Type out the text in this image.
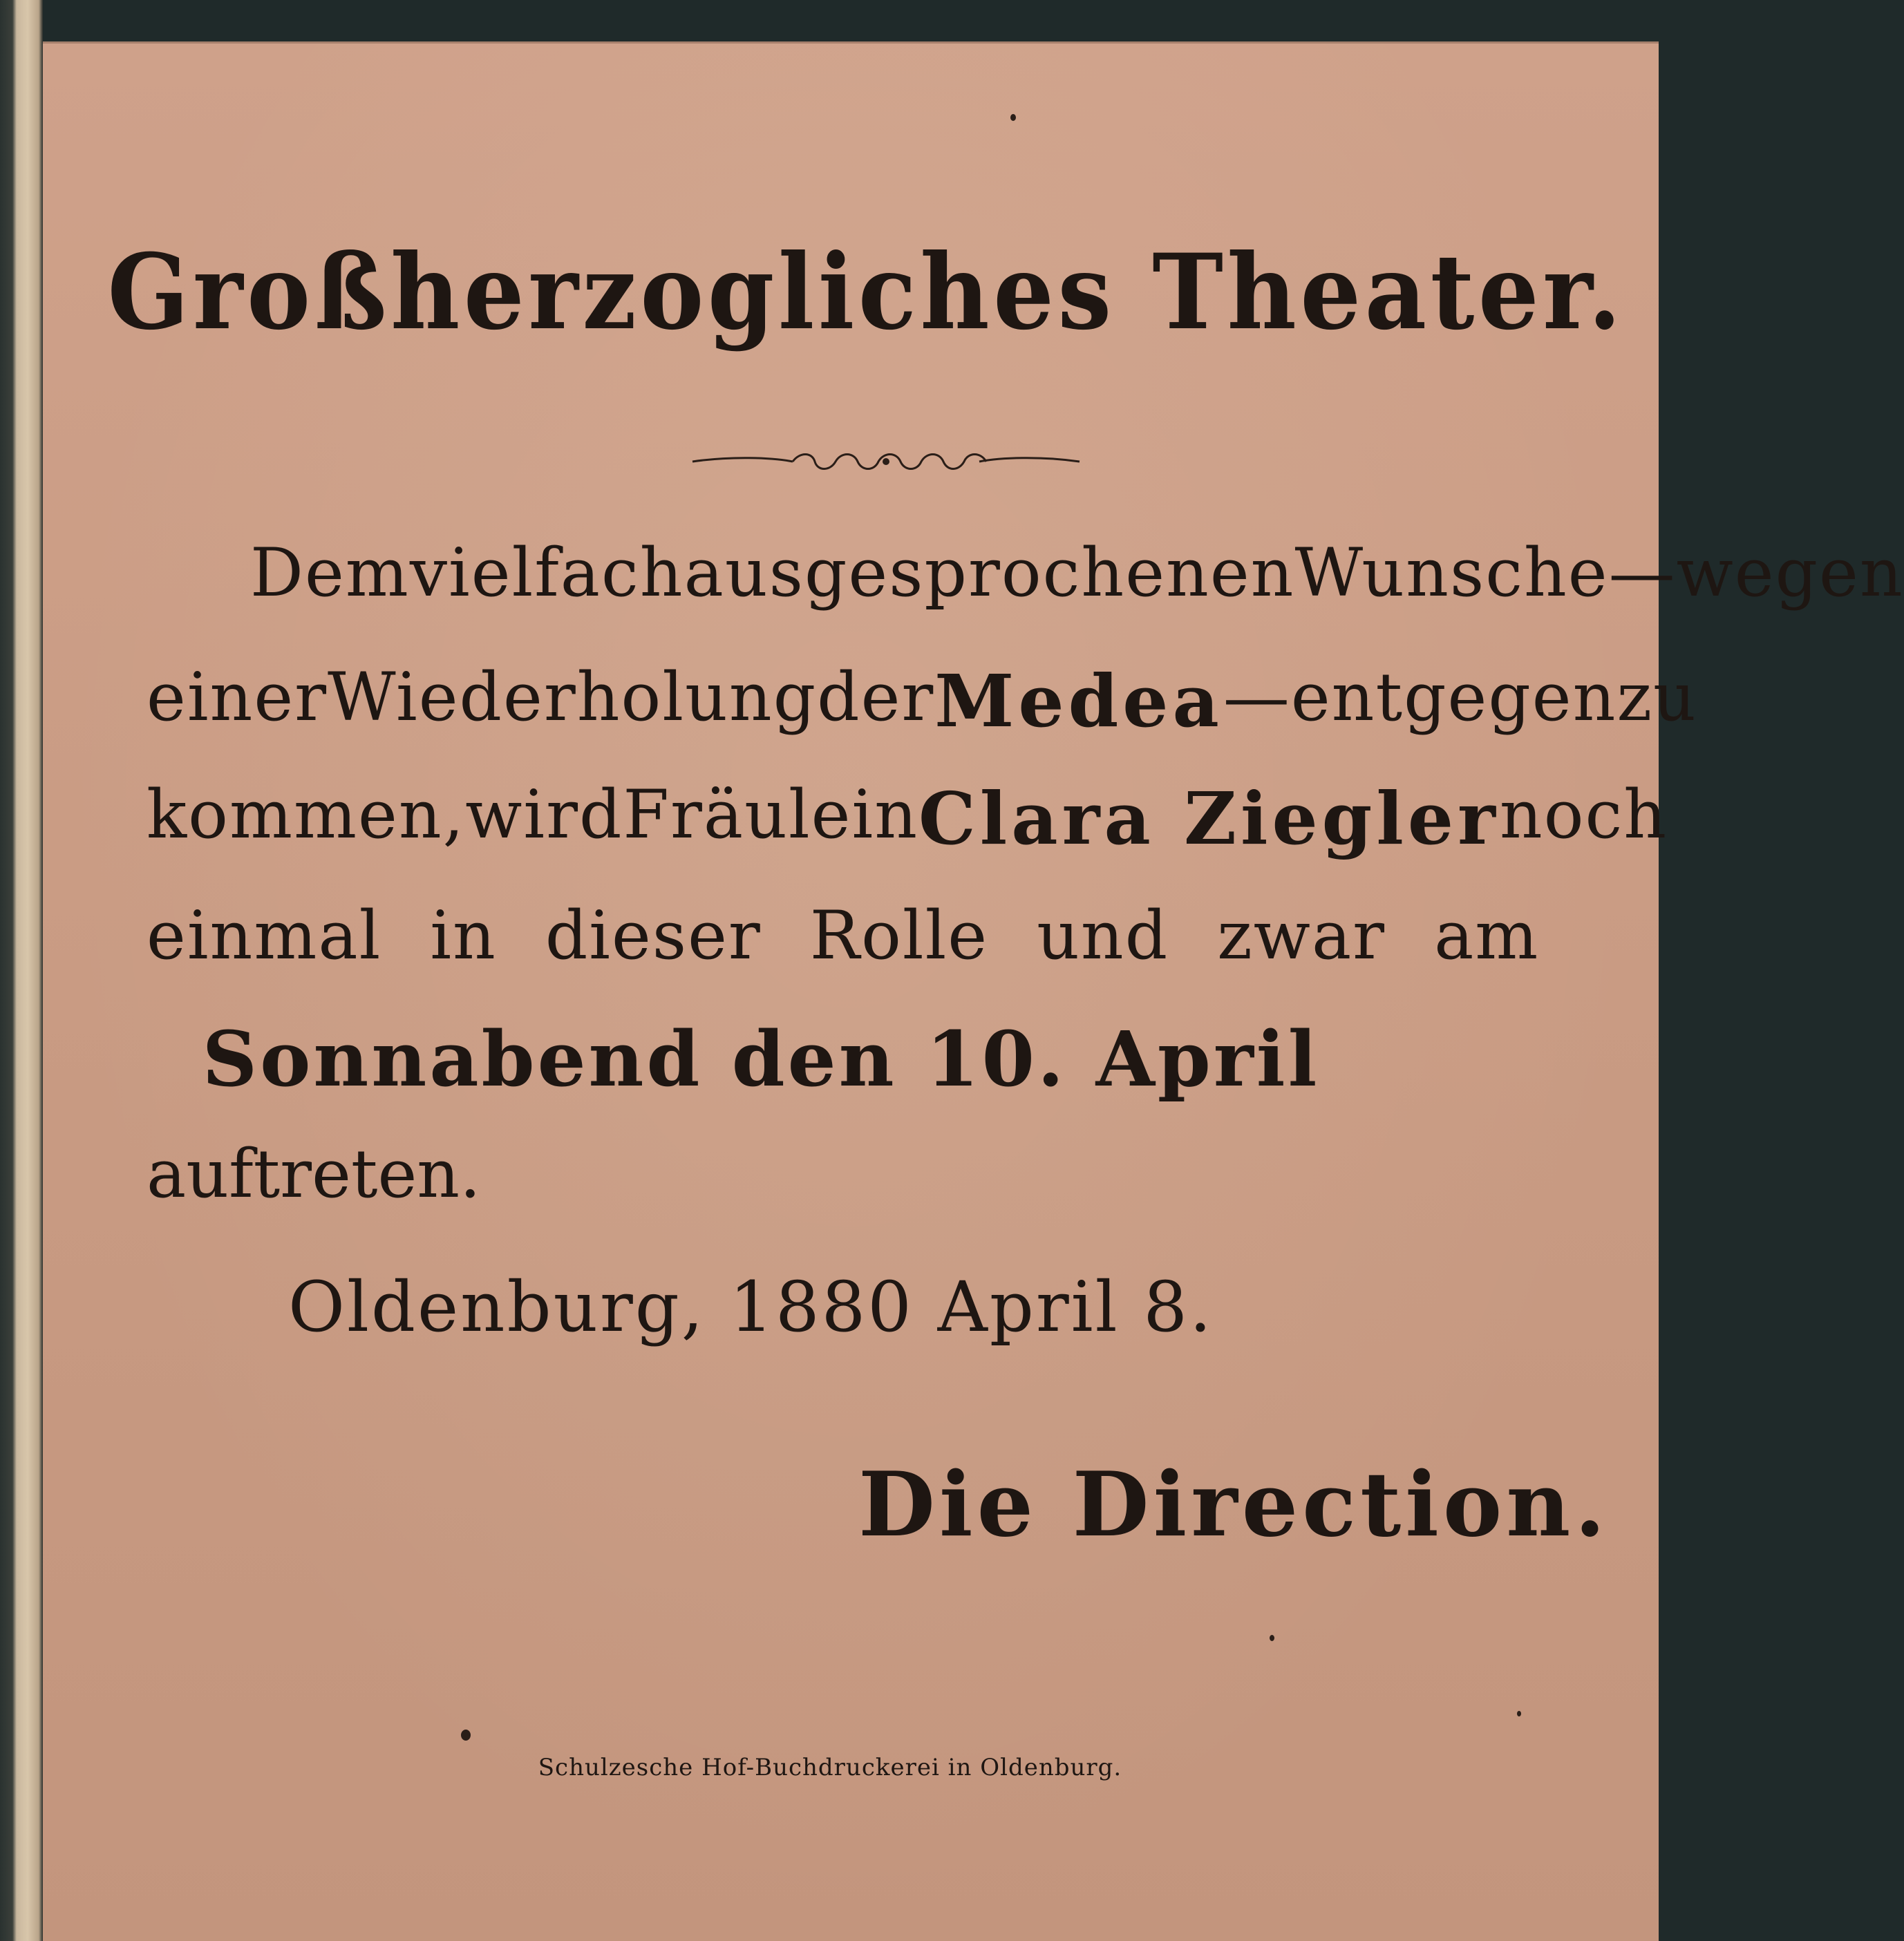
Großherzogliches Theater.
Dem vielfach ausgesprochenen Wunsche — wegen
einer Wiederholung der Medea — entgegen zu
kommen, wird Fräulein Clara Ziegler noch
einmal in dieser Rolle und zwar am
Sonnabend den 10. April
auftreten.
Oldenburg, 1880 April 8.
Die Direction.
Schulzesche Hof-Buchdruckerei in Oldenburg.
